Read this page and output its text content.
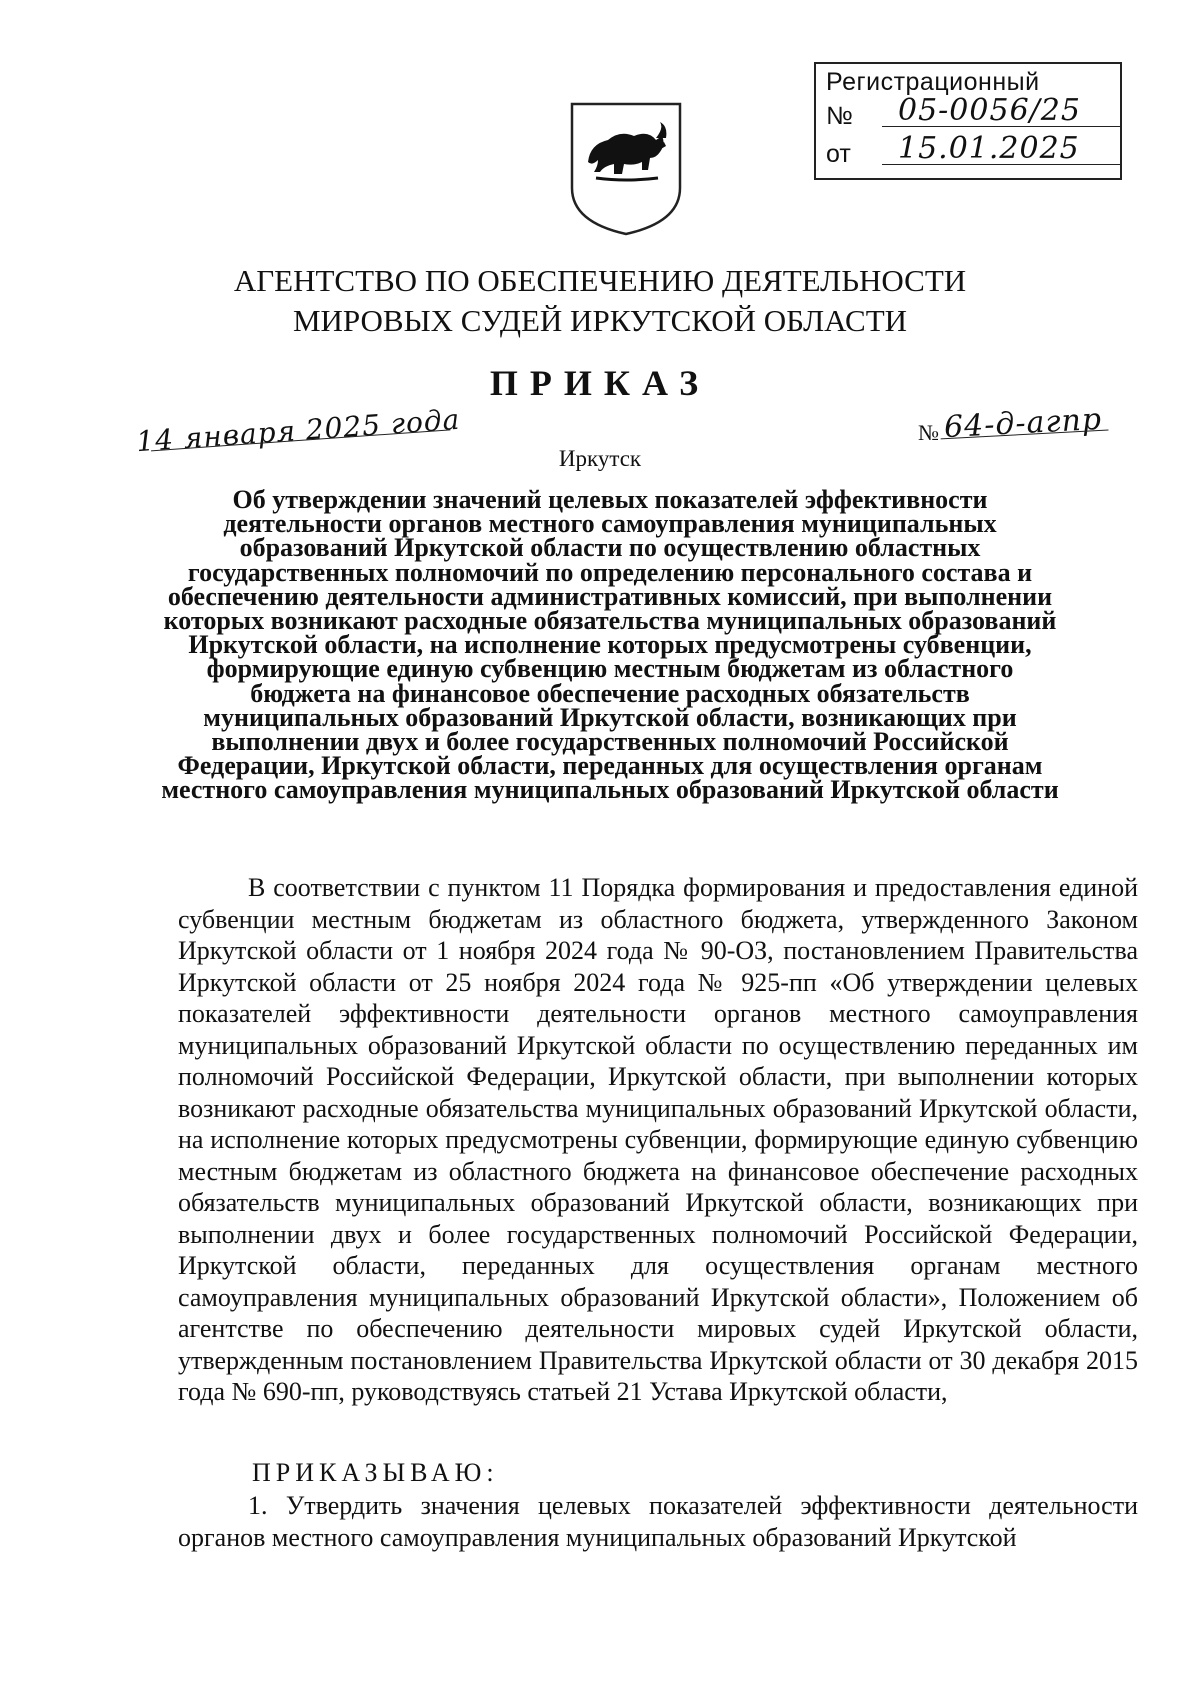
Регистрационный
№	05-0056/25
от	15.01.2025
АГЕНТСТВО ПО ОБЕСПЕЧЕНИЮ ДЕЯТЕЛЬНОСТИ
МИРОВЫХ СУДЕЙ ИРКУТСКОЙ ОБЛАСТИ
ПРИКАЗ
14 января 2025 года	№ 64-д-агпр
Иркутск
Об утверждении значений целевых показателей эффективности деятельности органов местного самоуправления муниципальных образований Иркутской области по осуществлению областных государственных полномочий по определению персонального состава и обеспечению деятельности административных комиссий, при выполнении которых возникают расходные обязательства муниципальных образований Иркутской области, на исполнение которых предусмотрены субвенции, формирующие единую субвенцию местным бюджетам из областного бюджета на финансовое обеспечение расходных обязательств муниципальных образований Иркутской области, возникающих при выполнении двух и более государственных полномочий Российской Федерации, Иркутской области, переданных для осуществления органам местного самоуправления муниципальных образований Иркутской области

В соответствии с пунктом 11 Порядка формирования и предоставления единой субвенции местным бюджетам из областного бюджета, утвержденного Законом Иркутской области от 1 ноября 2024 года № 90-ОЗ, постановлением Правительства Иркутской области от 25 ноября 2024 года № 925-пп «Об утверждении целевых показателей эффективности деятельности органов местного самоуправления муниципальных образований Иркутской области по осуществлению переданных им полномочий Российской Федерации, Иркутской области, при выполнении которых возникают расходные обязательства муниципальных образований Иркутской области, на исполнение которых предусмотрены субвенции, формирующие единую субвенцию местным бюджетам из областного бюджета на финансовое обеспечение расходных обязательств муниципальных образований Иркутской области, возникающих при выполнении двух и более государственных полномочий Российской Федерации, Иркутской области, переданных для осуществления органам местного самоуправления муниципальных образований Иркутской области», Положением об агентстве по обеспечению деятельности мировых судей Иркутской области, утвержденным постановлением Правительства Иркутской области от 30 декабря 2015 года № 690-пп, руководствуясь статьей 21 Устава Иркутской области,

ПРИКАЗЫВАЮ:

1. Утвердить значения целевых показателей эффективности деятельности органов местного самоуправления муниципальных образований Иркутской
